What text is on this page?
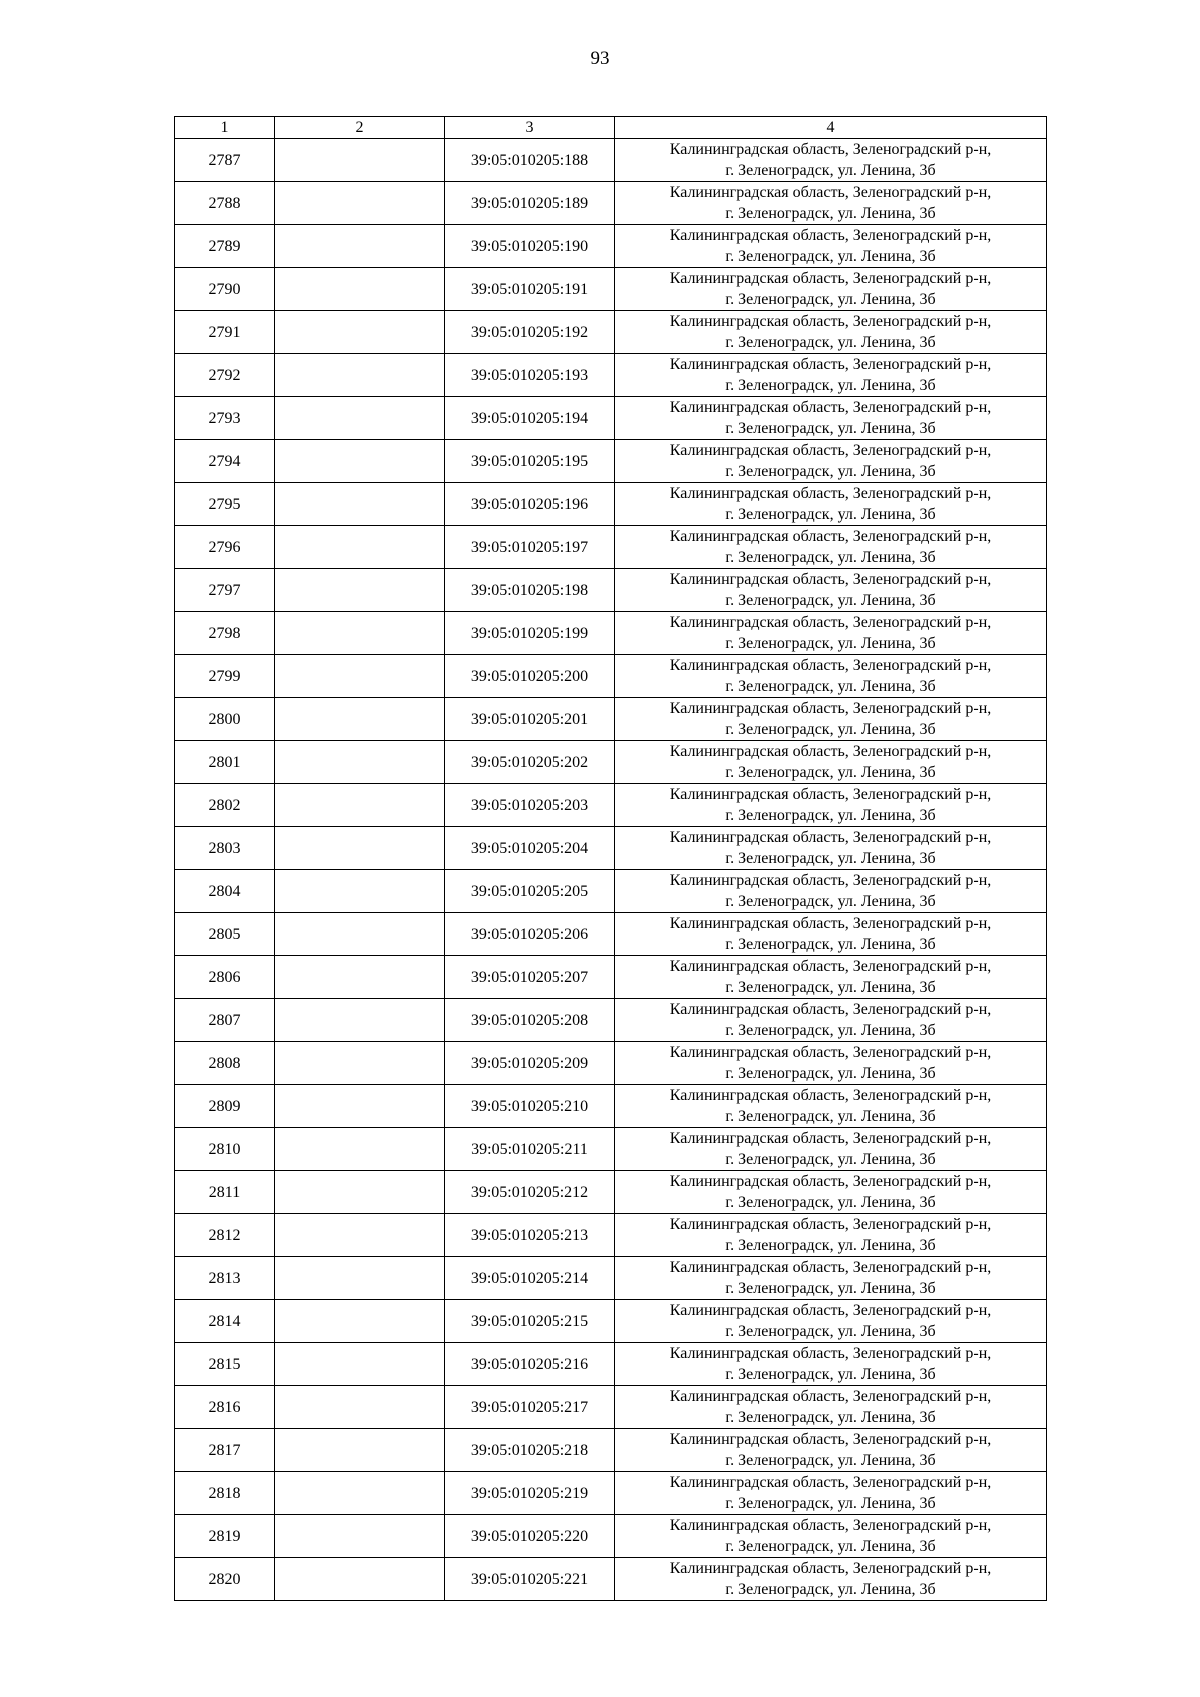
93
1	2	3	4
2787		39:05:010205:188	Калининградская область, Зеленоградский р-н,
г. Зеленоградск, ул. Ленина, 3б

2788		39:05:010205:189	Калининградская область, Зеленоградский р-н,
г. Зеленоградск, ул. Ленина, 3б

2789		39:05:010205:190	Калининградская область, Зеленоградский р-н,
г. Зеленоградск, ул. Ленина, 3б

2790		39:05:010205:191	Калининградская область, Зеленоградский р-н,
г. Зеленоградск, ул. Ленина, 3б

2791		39:05:010205:192	Калининградская область, Зеленоградский р-н,
г. Зеленоградск, ул. Ленина, 3б

2792		39:05:010205:193	Калининградская область, Зеленоградский р-н,
г. Зеленоградск, ул. Ленина, 3б

2793		39:05:010205:194	Калининградская область, Зеленоградский р-н,
г. Зеленоградск, ул. Ленина, 3б

2794		39:05:010205:195	Калининградская область, Зеленоградский р-н,
г. Зеленоградск, ул. Ленина, 3б

2795		39:05:010205:196	Калининградская область, Зеленоградский р-н,
г. Зеленоградск, ул. Ленина, 3б

2796		39:05:010205:197	Калининградская область, Зеленоградский р-н,
г. Зеленоградск, ул. Ленина, 3б

2797		39:05:010205:198	Калининградская область, Зеленоградский р-н,
г. Зеленоградск, ул. Ленина, 3б

2798		39:05:010205:199	Калининградская область, Зеленоградский р-н,
г. Зеленоградск, ул. Ленина, 3б

2799		39:05:010205:200	Калининградская область, Зеленоградский р-н,
г. Зеленоградск, ул. Ленина, 3б

2800		39:05:010205:201	Калининградская область, Зеленоградский р-н,
г. Зеленоградск, ул. Ленина, 3б

2801		39:05:010205:202	Калининградская область, Зеленоградский р-н,
г. Зеленоградск, ул. Ленина, 3б

2802		39:05:010205:203	Калининградская область, Зеленоградский р-н,
г. Зеленоградск, ул. Ленина, 3б

2803		39:05:010205:204	Калининградская область, Зеленоградский р-н,
г. Зеленоградск, ул. Ленина, 3б

2804		39:05:010205:205	Калининградская область, Зеленоградский р-н,
г. Зеленоградск, ул. Ленина, 3б

2805		39:05:010205:206	Калининградская область, Зеленоградский р-н,
г. Зеленоградск, ул. Ленина, 3б

2806		39:05:010205:207	Калининградская область, Зеленоградский р-н,
г. Зеленоградск, ул. Ленина, 3б

2807		39:05:010205:208	Калининградская область, Зеленоградский р-н,
г. Зеленоградск, ул. Ленина, 3б

2808		39:05:010205:209	Калининградская область, Зеленоградский р-н,
г. Зеленоградск, ул. Ленина, 3б

2809		39:05:010205:210	Калининградская область, Зеленоградский р-н,
г. Зеленоградск, ул. Ленина, 3б

2810		39:05:010205:211	Калининградская область, Зеленоградский р-н,
г. Зеленоградск, ул. Ленина, 3б

2811		39:05:010205:212	Калининградская область, Зеленоградский р-н,
г. Зеленоградск, ул. Ленина, 3б

2812		39:05:010205:213	Калининградская область, Зеленоградский р-н,
г. Зеленоградск, ул. Ленина, 3б

2813		39:05:010205:214	Калининградская область, Зеленоградский р-н,
г. Зеленоградск, ул. Ленина, 3б

2814		39:05:010205:215	Калининградская область, Зеленоградский р-н,
г. Зеленоградск, ул. Ленина, 3б

2815		39:05:010205:216	Калининградская область, Зеленоградский р-н,
г. Зеленоградск, ул. Ленина, 3б

2816		39:05:010205:217	Калининградская область, Зеленоградский р-н,
г. Зеленоградск, ул. Ленина, 3б

2817		39:05:010205:218	Калининградская область, Зеленоградский р-н,
г. Зеленоградск, ул. Ленина, 3б

2818		39:05:010205:219	Калининградская область, Зеленоградский р-н,
г. Зеленоградск, ул. Ленина, 3б

2819		39:05:010205:220	Калининградская область, Зеленоградский р-н,
г. Зеленоградск, ул. Ленина, 3б

2820		39:05:010205:221	Калининградская область, Зеленоградский р-н,
г. Зеленоградск, ул. Ленина, 3б
